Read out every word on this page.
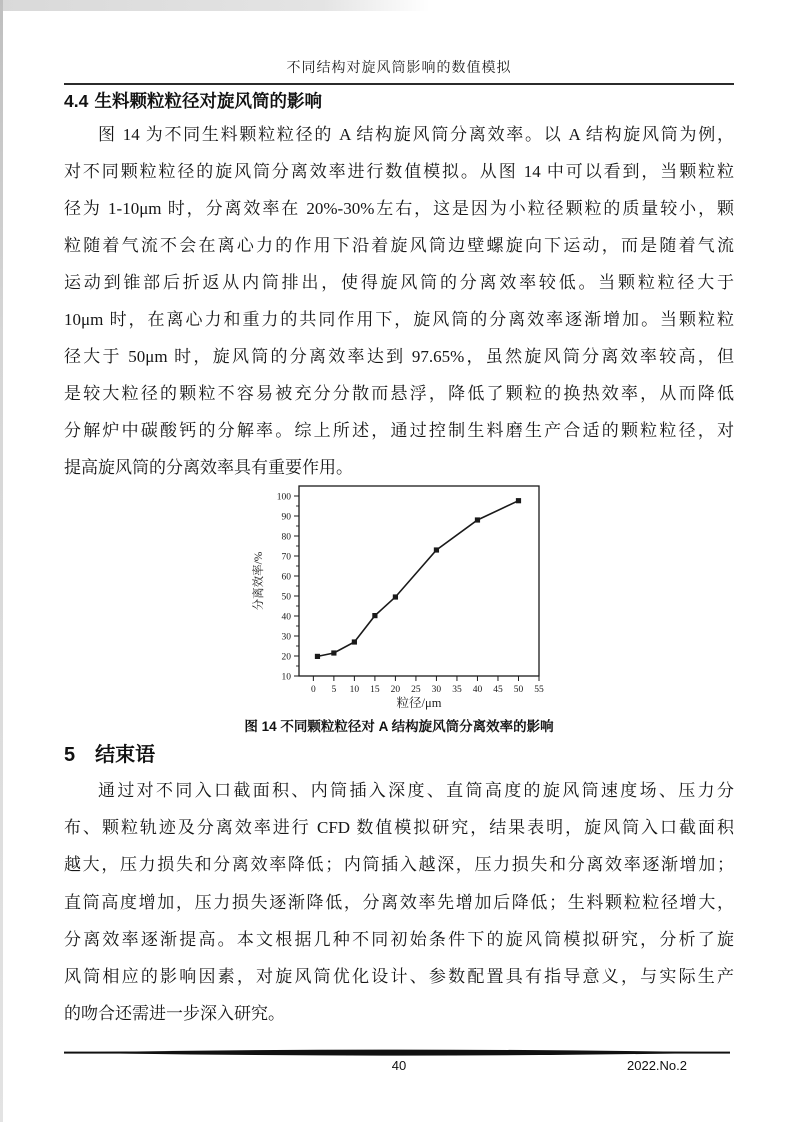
不同结构对旋风筒影响的数值模拟
4.4 生料颗粒粒径对旋风筒的影响
图 14 为不同生料颗粒粒径的 A 结构旋风筒分离效率。以 A 结构旋风筒为例，
对不同颗粒粒径的旋风筒分离效率进行数值模拟。从图 14 中可以看到，当颗粒粒
径为 1-10μm 时，分离效率在 20%-30%左右，这是因为小粒径颗粒的质量较小，颗
粒随着气流不会在离心力的作用下沿着旋风筒边壁螺旋向下运动，而是随着气流
运动到锥部后折返从内筒排出，使得旋风筒的分离效率较低。当颗粒粒径大于
10μm 时，在离心力和重力的共同作用下，旋风筒的分离效率逐渐增加。当颗粒粒
径大于 50μm 时，旋风筒的分离效率达到 97.65%，虽然旋风筒分离效率较高，但
是较大粒径的颗粒不容易被充分分散而悬浮，降低了颗粒的换热效率，从而降低
分解炉中碳酸钙的分解率。综上所述，通过控制生料磨生产合适的颗粒粒径，对
提高旋风筒的分离效率具有重要作用。
10
20
30
40
50
60
70
80
90
100
0 5 10 15 20 25 30 35 40 45 50 55
分离效率/%
粒径/μm
图 14 不同颗粒粒径对 A 结构旋风筒分离效率的影响
5 结束语
通过对不同入口截面积、内筒插入深度、直筒高度的旋风筒速度场、压力分
布、颗粒轨迹及分离效率进行 CFD 数值模拟研究，结果表明，旋风筒入口截面积
越大，压力损失和分离效率降低；内筒插入越深，压力损失和分离效率逐渐增加；
直筒高度增加，压力损失逐渐降低，分离效率先增加后降低；生料颗粒粒径增大，
分离效率逐渐提高。本文根据几种不同初始条件下的旋风筒模拟研究，分析了旋
风筒相应的影响因素，对旋风筒优化设计、参数配置具有指导意义，与实际生产
的吻合还需进一步深入研究。
40	2022.No.2
